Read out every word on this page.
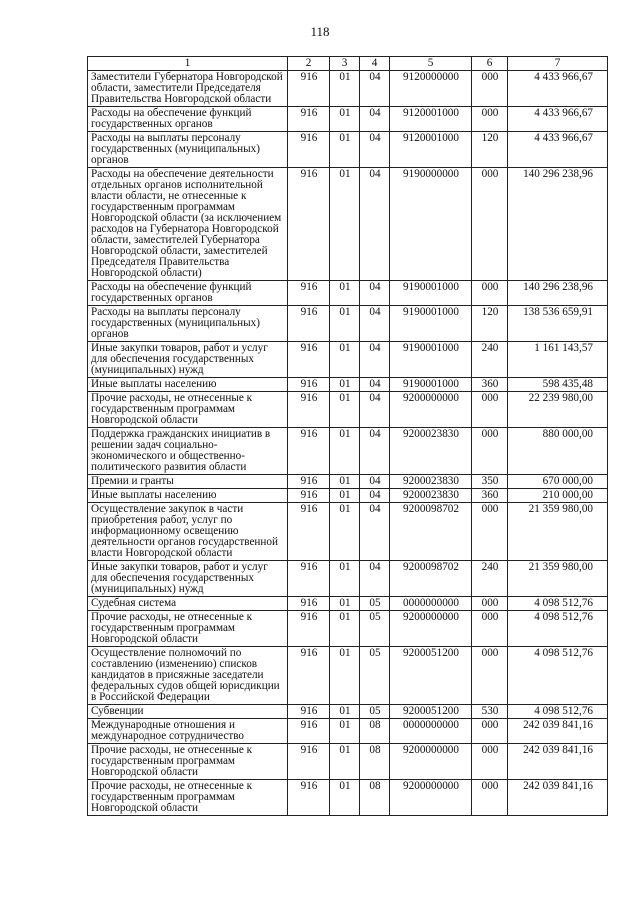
118
1	2	3	4	5	6	7
Заместители Губернатора Новгородской области, заместители Председателя Правительства Новгородской области	916	01	04	9120000000	000	4 433 966,67
Расходы на обеспечение функций государственных органов	916	01	04	9120001000	000	4 433 966,67
Расходы на выплаты персоналу государственных (муниципальных) органов	916	01	04	9120001000	120	4 433 966,67
Расходы на обеспечение деятельности отдельных органов исполнительной власти области, не отнесенные к государственным программам Новгородской области (за исключением расходов на Губернатора Новгородской области, заместителей Губернатора Новгородской области, заместителей Председателя Правительства Новгородской области)	916	01	04	9190000000	000	140 296 238,96
Расходы на обеспечение функций государственных органов	916	01	04	9190001000	000	140 296 238,96
Расходы на выплаты персоналу государственных (муниципальных) органов	916	01	04	9190001000	120	138 536 659,91
Иные закупки товаров, работ и услуг для обеспечения государственных (муниципальных) нужд	916	01	04	9190001000	240	1 161 143,57
Иные выплаты населению	916	01	04	9190001000	360	598 435,48
Прочие расходы, не отнесенные к государственным программам Новгородской области	916	01	04	9200000000	000	22 239 980,00
Поддержка гражданских инициатив в решении задач социально-экономического и общественно-политического развития области	916	01	04	9200023830	000	880 000,00
Премии и гранты	916	01	04	9200023830	350	670 000,00
Иные выплаты населению	916	01	04	9200023830	360	210 000,00
Осуществление закупок в части приобретения работ, услуг по информационному освещению деятельности органов государственной власти Новгородской области	916	01	04	9200098702	000	21 359 980,00
Иные закупки товаров, работ и услуг для обеспечения государственных (муниципальных) нужд	916	01	04	9200098702	240	21 359 980,00
Судебная система	916	01	05	0000000000	000	4 098 512,76
Прочие расходы, не отнесенные к государственным программам Новгородской области	916	01	05	9200000000	000	4 098 512,76
Осуществление полномочий по составлению (изменению) списков кандидатов в присяжные заседатели федеральных судов общей юрисдикции в Российской Федерации	916	01	05	9200051200	000	4 098 512,76
Субвенции	916	01	05	9200051200	530	4 098 512,76
Международные отношения и международное сотрудничество	916	01	08	0000000000	000	242 039 841,16
Прочие расходы, не отнесенные к государственным программам Новгородской области	916	01	08	9200000000	000	242 039 841,16
Прочие расходы, не отнесенные к государственным программам Новгородской области	916	01	08	9200000000	000	242 039 841,16
